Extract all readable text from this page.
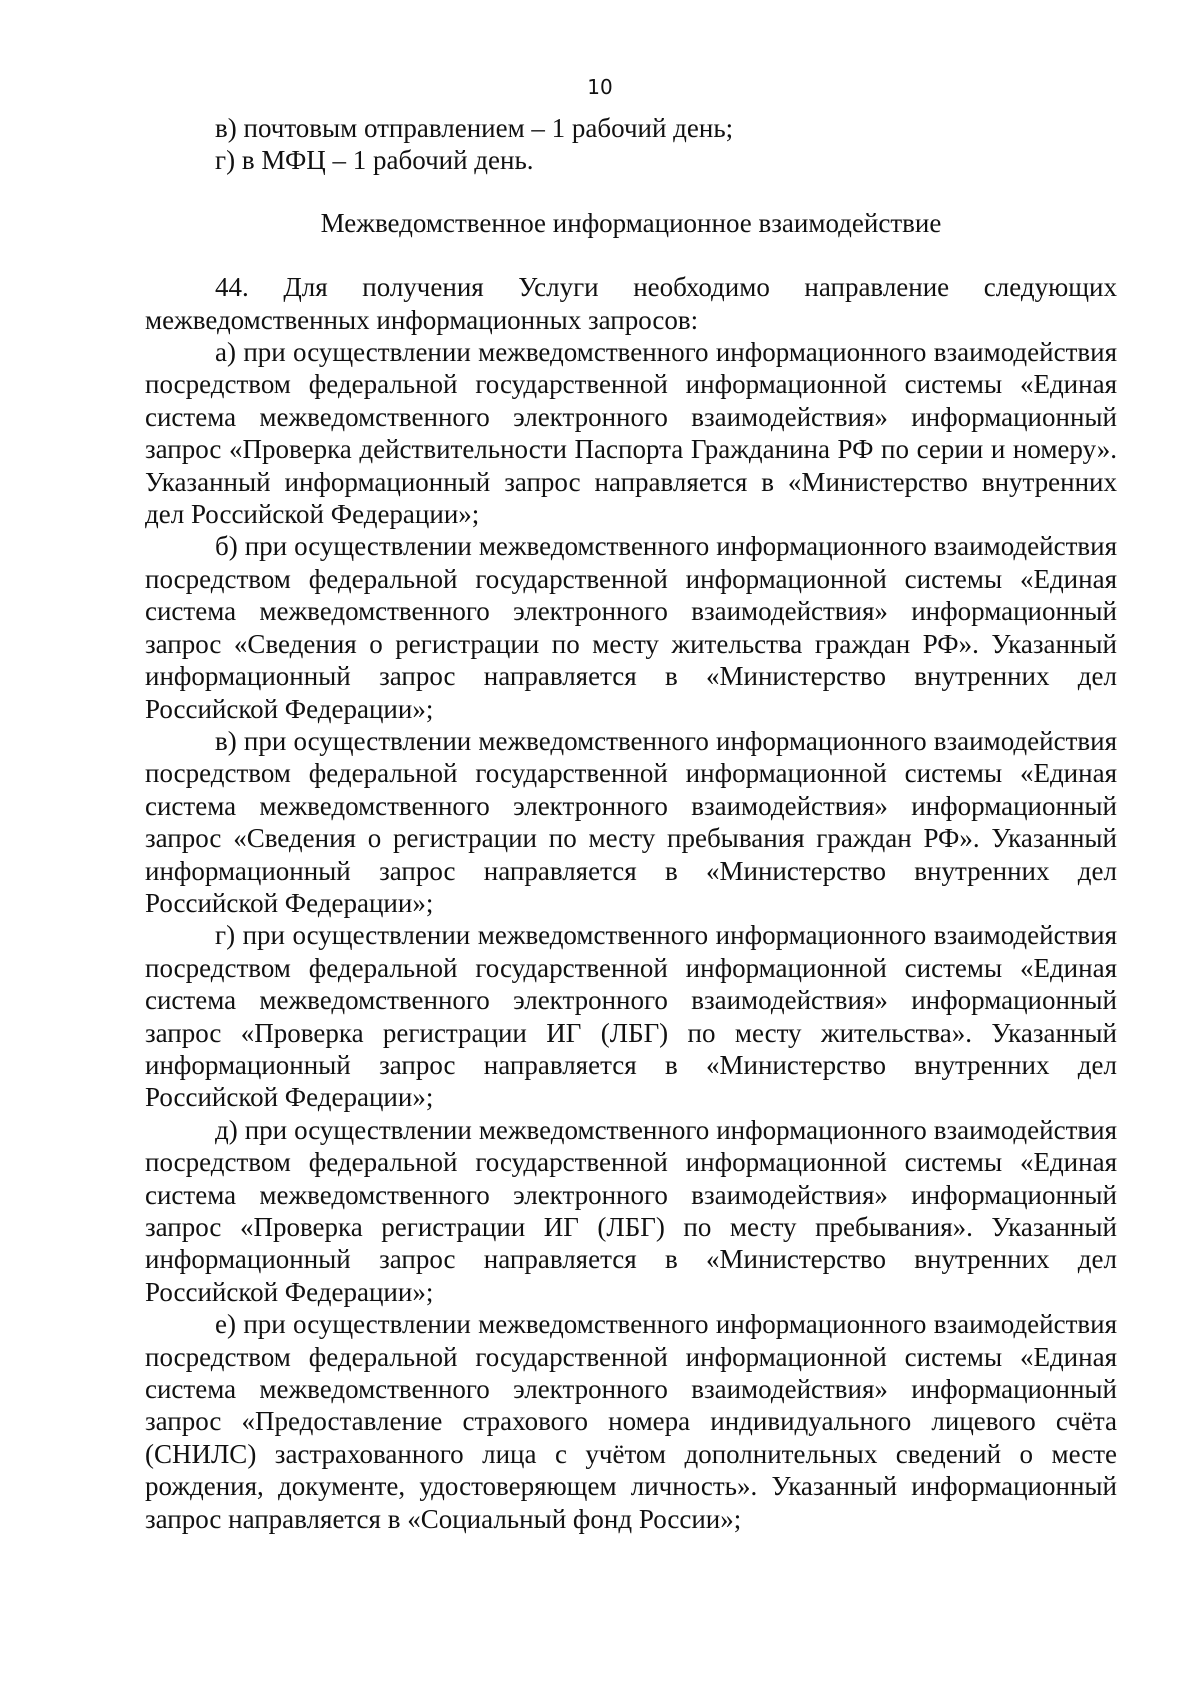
10

в) почтовым отправлением – 1 рабочий день;

г) в МФЦ – 1 рабочий день.

Межведомственное информационное взаимодействие

44. Для получения Услуги необходимо направление следующих межведомственных информационных запросов:

а) при осуществлении межведомственного информационного взаимодействия посредством федеральной государственной информационной системы «Единая система межведомственного электронного взаимодействия» информационный запрос «Проверка действительности Паспорта Гражданина РФ по серии и номеру». Указанный информационный запрос направляется в «Министерство внутренних дел Российской Федерации»;

б) при осуществлении межведомственного информационного взаимодействия посредством федеральной государственной информационной системы «Единая система межведомственного электронного взаимодействия» информационный запрос «Сведения о регистрации по месту жительства граждан РФ». Указанный информационный запрос направляется в «Министерство внутренних дел Российской Федерации»;

в) при осуществлении межведомственного информационного взаимодействия посредством федеральной государственной информационной системы «Единая система межведомственного электронного взаимодействия» информационный запрос «Сведения о регистрации по месту пребывания граждан РФ». Указанный информационный запрос направляется в «Министерство внутренних дел Российской Федерации»;

г) при осуществлении межведомственного информационного взаимодействия посредством федеральной государственной информационной системы «Единая система межведомственного электронного взаимодействия» информационный запрос «Проверка регистрации ИГ (ЛБГ) по месту жительства». Указанный информационный запрос направляется в «Министерство внутренних дел Российской Федерации»;

д) при осуществлении межведомственного информационного взаимодействия посредством федеральной государственной информационной системы «Единая система межведомственного электронного взаимодействия» информационный запрос «Проверка регистрации ИГ (ЛБГ) по месту пребывания». Указанный информационный запрос направляется в «Министерство внутренних дел Российской Федерации»;

е) при осуществлении межведомственного информационного взаимодействия посредством федеральной государственной информационной системы «Единая система межведомственного электронного взаимодействия» информационный запрос «Предоставление страхового номера индивидуального лицевого счёта (СНИЛС) застрахованного лица с учётом дополнительных сведений о месте рождения, документе, удостоверяющем личность». Указанный информационный запрос направляется в «Социальный фонд России»;
